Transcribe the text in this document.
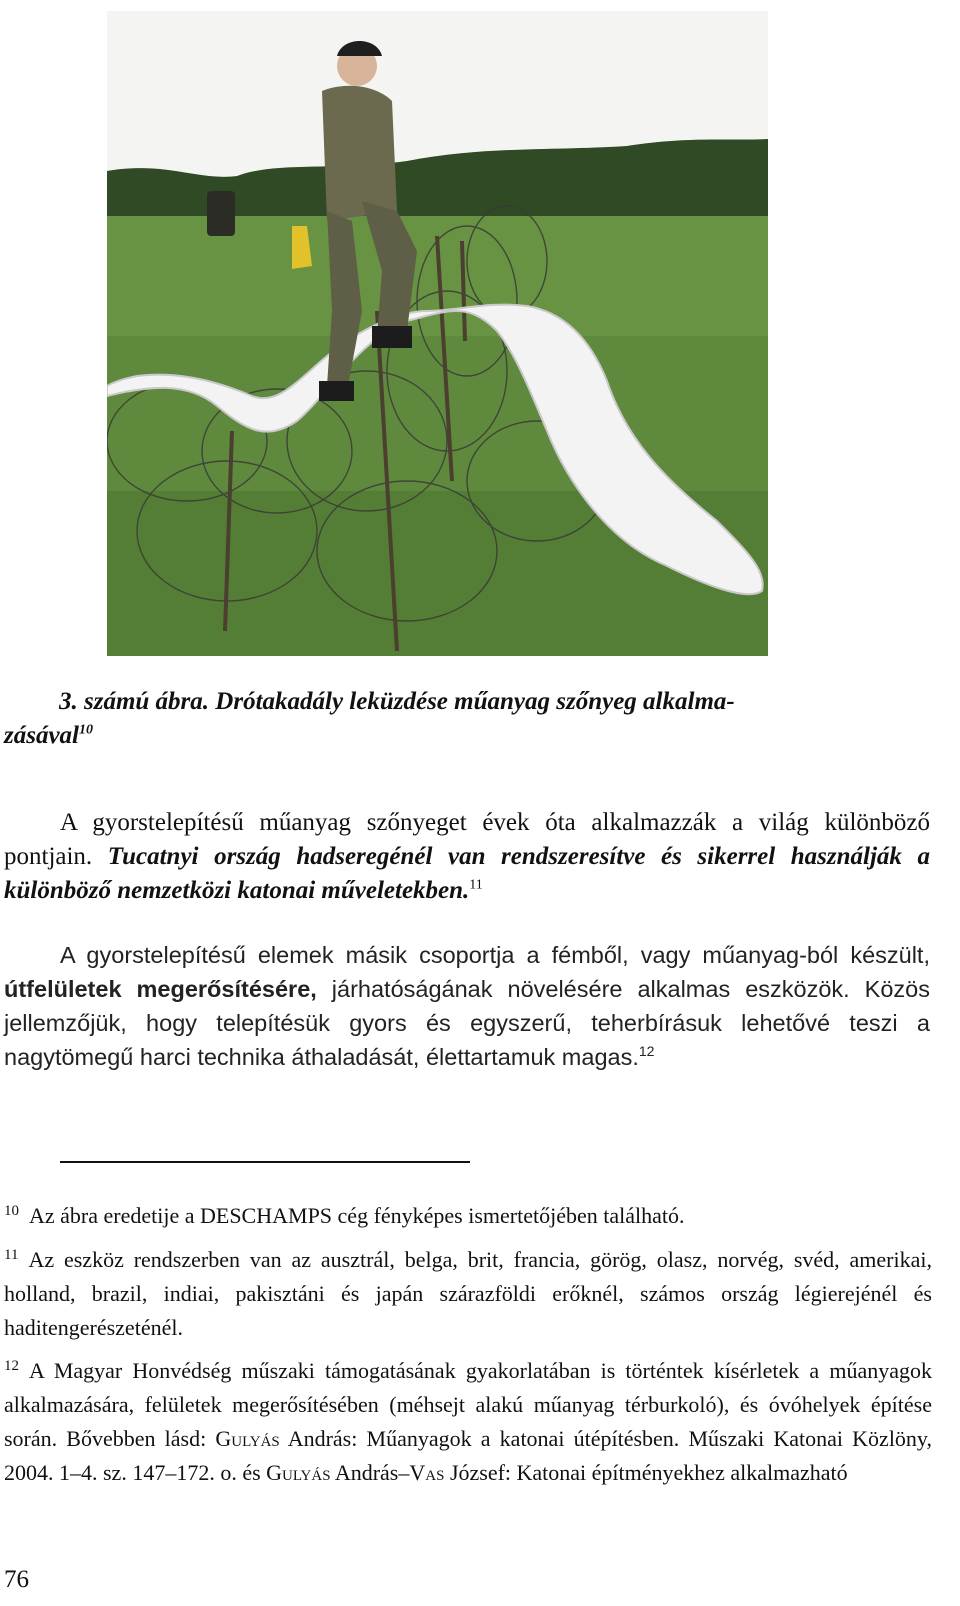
3. számú ábra. Drótakadály leküzdése műanyag szőnyeg alkalma-
zásával$^{10}$
A gyorstelepítésű műanyag szőnyeget évek óta alkalmazzák a világ különböző pontjain. Tucatnyi ország hadseregénél van rendszeresítve és sikerrel használják a különböző nemzetközi katonai műveletekben.$^{11}$
A gyorstelepítésű elemek másik csoportja a fémből, vagy műanyag-ból készült, útfelületek megerősítésére, járhatóságának növelésére alkalmas eszközök. Közös jellemzőjük, hogy telepítésük gyors és egyszerű, teherbírásuk lehetővé teszi a nagytömegű harci technika áthaladását, élettartamuk magas.$^{12}$
$^{10}$ Az ábra eredetije a DESCHAMPS cég fényképes ismertetőjében található.
$^{11}$ Az eszköz rendszerben van az ausztrál, belga, brit, francia, görög, olasz, norvég, svéd, amerikai, holland, brazil, indiai, pakisztáni és japán szárazföldi erőknél, számos ország légierejénél és haditengerészeténél.
$^{12}$ A Magyar Honvédség műszaki támogatásának gyakorlatában is történtek kísérletek a műanyagok alkalmazására, felületek megerősítésében (méhsejt alakú műanyag térburkoló), és óvóhelyek építése során. Bővebben lásd: Gulyás András: Műanyagok a katonai útépítésben. Műszaki Katonai Közlöny, 2004. 1–4. sz. 147–172. o. és Gulyás András–Vas József: Katonai építményekhez alkalmazható
76
